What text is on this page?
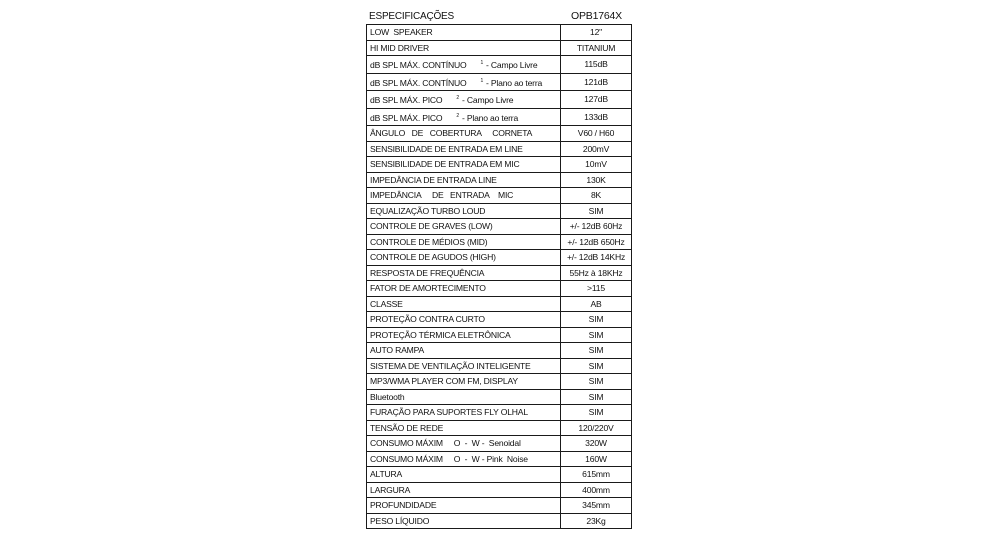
ESPECIFICAÇÕES	OPB1764X
LOW  SPEAKER	12"
HI MID DRIVER	TITANIUM
dB SPL MÁX. CONTÍNUO $^1$ - Campo Livre	115dB
dB SPL MÁX. CONTÍNUO $^1$ - Plano ao terra	121dB
dB SPL MÁX. PICO $^2$ - Campo Livre	127dB
dB SPL MÁX. PICO $^2$ - Plano ao terra	133dB
ÂNGULO   DE   COBERTURA     CORNETA	V60 / H60
SENSIBILIDADE DE ENTRADA EM LINE	200mV
SENSIBILIDADE DE ENTRADA EM MIC	10mV
IMPEDÂNCIA DE ENTRADA LINE	130K
IMPEDÂNCIA     DE   ENTRADA    MIC	8K
EQUALIZAÇÃO TURBO LOUD	SIM
CONTROLE DE GRAVES (LOW)	+/- 12dB 60Hz
CONTROLE DE MÉDIOS (MID)	+/- 12dB 650Hz
CONTROLE DE AGUDOS (HIGH)	+/- 12dB 14KHz
RESPOSTA DE FREQUÊNCIA	55Hz à 18KHz
FATOR DE AMORTECIMENTO	>115
CLASSE	AB
PROTEÇÃO CONTRA CURTO	SIM
PROTEÇÃO TÉRMICA ELETRÔNICA	SIM
AUTO RAMPA	SIM
SISTEMA DE VENTILAÇÃO INTELIGENTE	SIM
MP3/WMA PLAYER COM FM, DISPLAY	SIM
Bluetooth	SIM
FURAÇÃO PARA SUPORTES FLY OLHAL	SIM
TENSÃO DE REDE	120/220V
CONSUMO MÁXIM     O  -  W -  Senoidal	320W
CONSUMO MÁXIM     O  -  W - Pink  Noise	160W
ALTURA	615mm
LARGURA	400mm
PROFUNDIDADE	345mm
PESO LÍQUIDO	23Kg
